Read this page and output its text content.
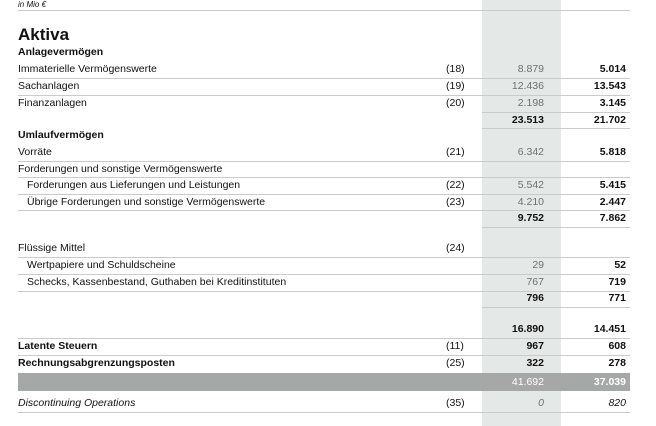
in Mio €
Aktiva
Anlagevermögen
Immaterielle Vermögenswerte	(18)	8.879	5.014
Sachanlagen	(19)	12.436	13.543
Finanzanlagen	(20)	2.198	3.145
23.513	21.702
Umlaufvermögen
Vorräte	(21)	6.342	5.818
Forderungen und sonstige Vermögenswerte
Forderungen aus Lieferungen und Leistungen	(22)	5.542	5.415
Übrige Forderungen und sonstige Vermögenswerte	(23)	4.210	2.447
9.752	7.862
Flüssige Mittel	(24)
Wertpapiere und Schuldscheine	29	52
Schecks, Kassenbestand, Guthaben bei Kreditinstituten	767	719
796	771
16.890	14.451
Latente Steuern	(11)	967	608
Rechnungsabgrenzungsposten	(25)	322	278
41.692	37.039
Discontinuing Operations	(35)	0	820
